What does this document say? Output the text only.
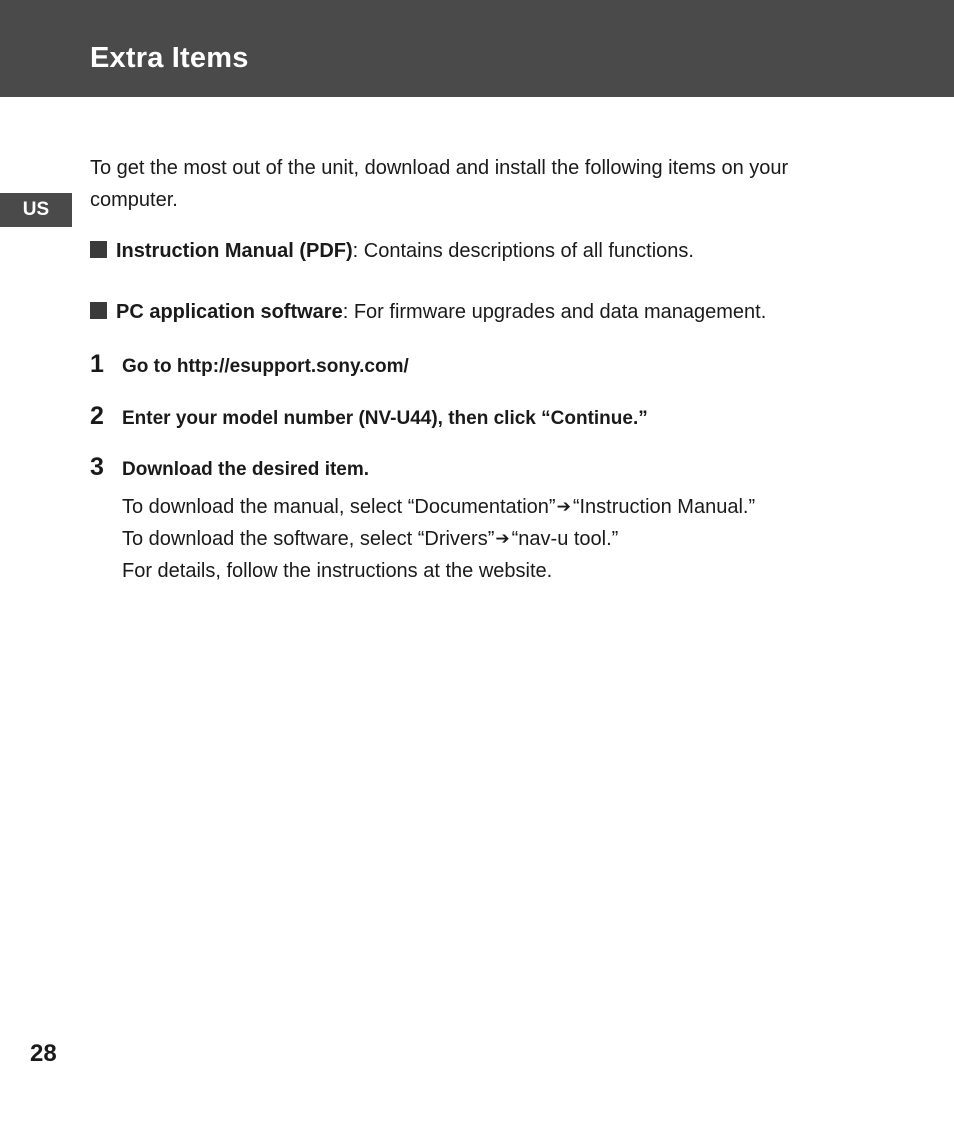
Extra Items
US
To get the most out of the unit, download and install the following items on your computer.
Instruction Manual (PDF): Contains descriptions of all functions.
PC application software: For firmware upgrades and data management.
1 Go to http://esupport.sony.com/
2 Enter your model number (NV-U44), then click “Continue.”
3 Download the desired item.
To download the manual, select “Documentation”➔ “Instruction Manual.”
To download the software, select “Drivers”➔ “nav-u tool.”
For details, follow the instructions at the website.
28
